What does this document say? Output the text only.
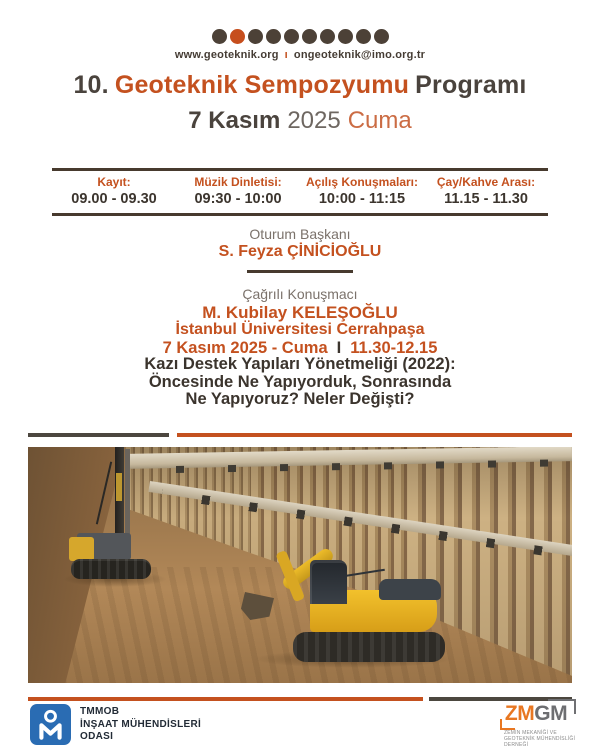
www.geoteknik.org ı ongeoteknik@imo.org.tr
10. Geoteknik Sempozyumu Programı
7 Kasım 2025 Cuma
Kayıt:
09.00 - 09.30
Müzik Dinletisi:
09:30 - 10:00
Açılış Konuşmaları:
10:00 - 11:15
Çay/Kahve Arası:
11.15 - 11.30
Oturum Başkanı
S. Feyza ÇİNİCİOĞLU
Çağrılı Konuşmacı
M. Kubilay KELEŞOĞLU
İstanbul Üniversitesi Cerrahpaşa
7 Kasım 2025 - Cuma I 11.30-12.15
Kazı Destek Yapıları Yönetmeliği (2022):
Öncesinde Ne Yapıyorduk, Sonrasında
Ne Yapıyoruz? Neler Değişti?
TMMOB
İNŞAAT MÜHENDİSLERİ
ODASI
ZMGM
ZEMİN MEKANİĞİ VE
GEOTEKNİK MÜHENDİSLİĞİ
DERNEĞİ
